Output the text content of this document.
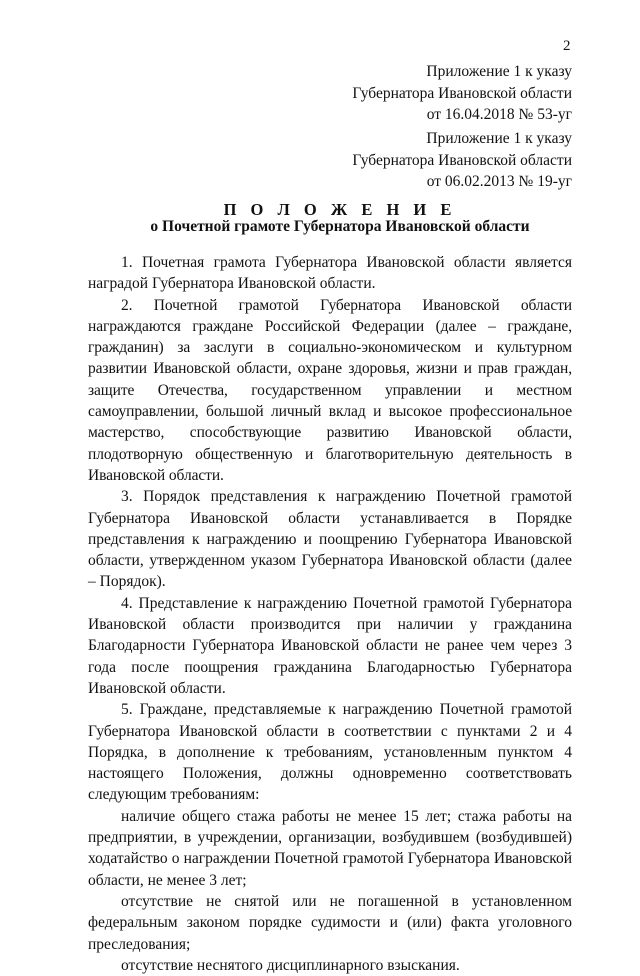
2
Приложение 1 к указу
Губернатора Ивановской области
от 16.04.2018 № 53-уг
Приложение 1 к указу
Губернатора Ивановской области
от 06.02.2013 № 19-уг
П О Л О Ж Е Н И Е
о Почетной грамоте Губернатора Ивановской области

1. Почетная грамота Губернатора Ивановской области является наградой Губернатора Ивановской области.

2. Почетной грамотой Губернатора Ивановской области награждаются граждане Российской Федерации (далее – граждане, гражданин) за заслуги в социально-экономическом и культурном развитии Ивановской области, охране здоровья, жизни и прав граждан, защите Отечества, государственном управлении и местном самоуправлении, большой личный вклад и высокое профессиональное мастерство, способствующие развитию Ивановской области, плодотворную общественную и благотворительную деятельность в Ивановской области.

3. Порядок представления к награждению Почетной грамотой Губернатора Ивановской области устанавливается в Порядке представления к награждению и поощрению Губернатора Ивановской области, утвержденном указом Губернатора Ивановской области (далее – Порядок).

4. Представление к награждению Почетной грамотой Губернатора Ивановской области производится при наличии у гражданина Благодарности Губернатора Ивановской области не ранее чем через 3 года после поощрения гражданина Благодарностью Губернатора Ивановской области.

5. Граждане, представляемые к награждению Почетной грамотой Губернатора Ивановской области в соответствии с пунктами 2 и 4 Порядка, в дополнение к требованиям, установленным пунктом 4 настоящего Положения, должны одновременно соответствовать следующим требованиям:

наличие общего стажа работы не менее 15 лет; стажа работы на предприятии, в учреждении, организации, возбудившем (возбудившей) ходатайство о награждении Почетной грамотой Губернатора Ивановской области, не менее 3 лет;

отсутствие не снятой или не погашенной в установленном федеральным законом порядке судимости и (или) факта уголовного преследования;

отсутствие неснятого дисциплинарного взыскания.
